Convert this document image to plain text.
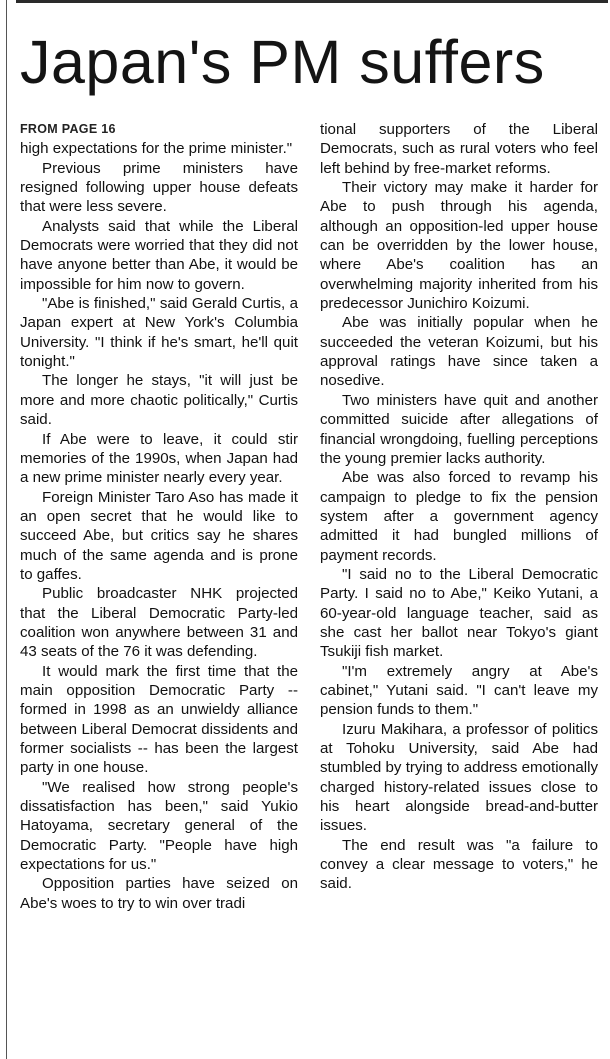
Japan's PM suffers
FROM PAGE 16

high expectations for the prime minister."

Previous prime ministers have resigned following upper house defeats that were less severe.

Analysts said that while the Liberal Democrats were worried that they did not have anyone better than Abe, it would be impossible for him now to govern.

"Abe is finished," said Gerald Curtis, a Japan expert at New York's Columbia University. "I think if he's smart, he'll quit tonight."

The longer he stays, "it will just be more and more chaotic politically," Curtis said.

If Abe were to leave, it could stir memories of the 1990s, when Japan had a new prime minister nearly every year.

Foreign Minister Taro Aso has made it an open secret that he would like to succeed Abe, but critics say he shares much of the same agenda and is prone to gaffes.

Public broadcaster NHK projected that the Liberal Democratic Party-led coalition won anywhere between 31 and 43 seats of the 76 it was defending.

It would mark the first time that the main opposition Democratic Party -- formed in 1998 as an unwieldy alliance between Liberal Democrat dissidents and former socialists -- has been the largest party in one house.

"We realised how strong people's dissatisfaction has been," said Yukio Hatoyama, secretary general of the Democratic Party. "People have high expectations for us."

Opposition parties have seized on Abe's woes to try to win over tradi

tional supporters of the Liberal Democrats, such as rural voters who feel left behind by free-market reforms.

Their victory may make it harder for Abe to push through his agenda, although an opposition-led upper house can be overridden by the lower house, where Abe's coalition has an overwhelming majority inherited from his predecessor Junichiro Koizumi.

Abe was initially popular when he succeeded the veteran Koizumi, but his approval ratings have since taken a nosedive.

Two ministers have quit and another committed suicide after allegations of financial wrongdoing, fuelling perceptions the young premier lacks authority.

Abe was also forced to revamp his campaign to pledge to fix the pension system after a government agency admitted it had bungled millions of payment records.

"I said no to the Liberal Democratic Party. I said no to Abe," Keiko Yutani, a 60-year-old language teacher, said as she cast her ballot near Tokyo's giant Tsukiji fish market.

"I'm extremely angry at Abe's cabinet," Yutani said. "I can't leave my pension funds to them."

Izuru Makihara, a professor of politics at Tohoku University, said Abe had stumbled by trying to address emotionally charged history-related issues close to his heart alongside bread-and-butter issues.

The end result was "a failure to convey a clear message to voters," he said.
